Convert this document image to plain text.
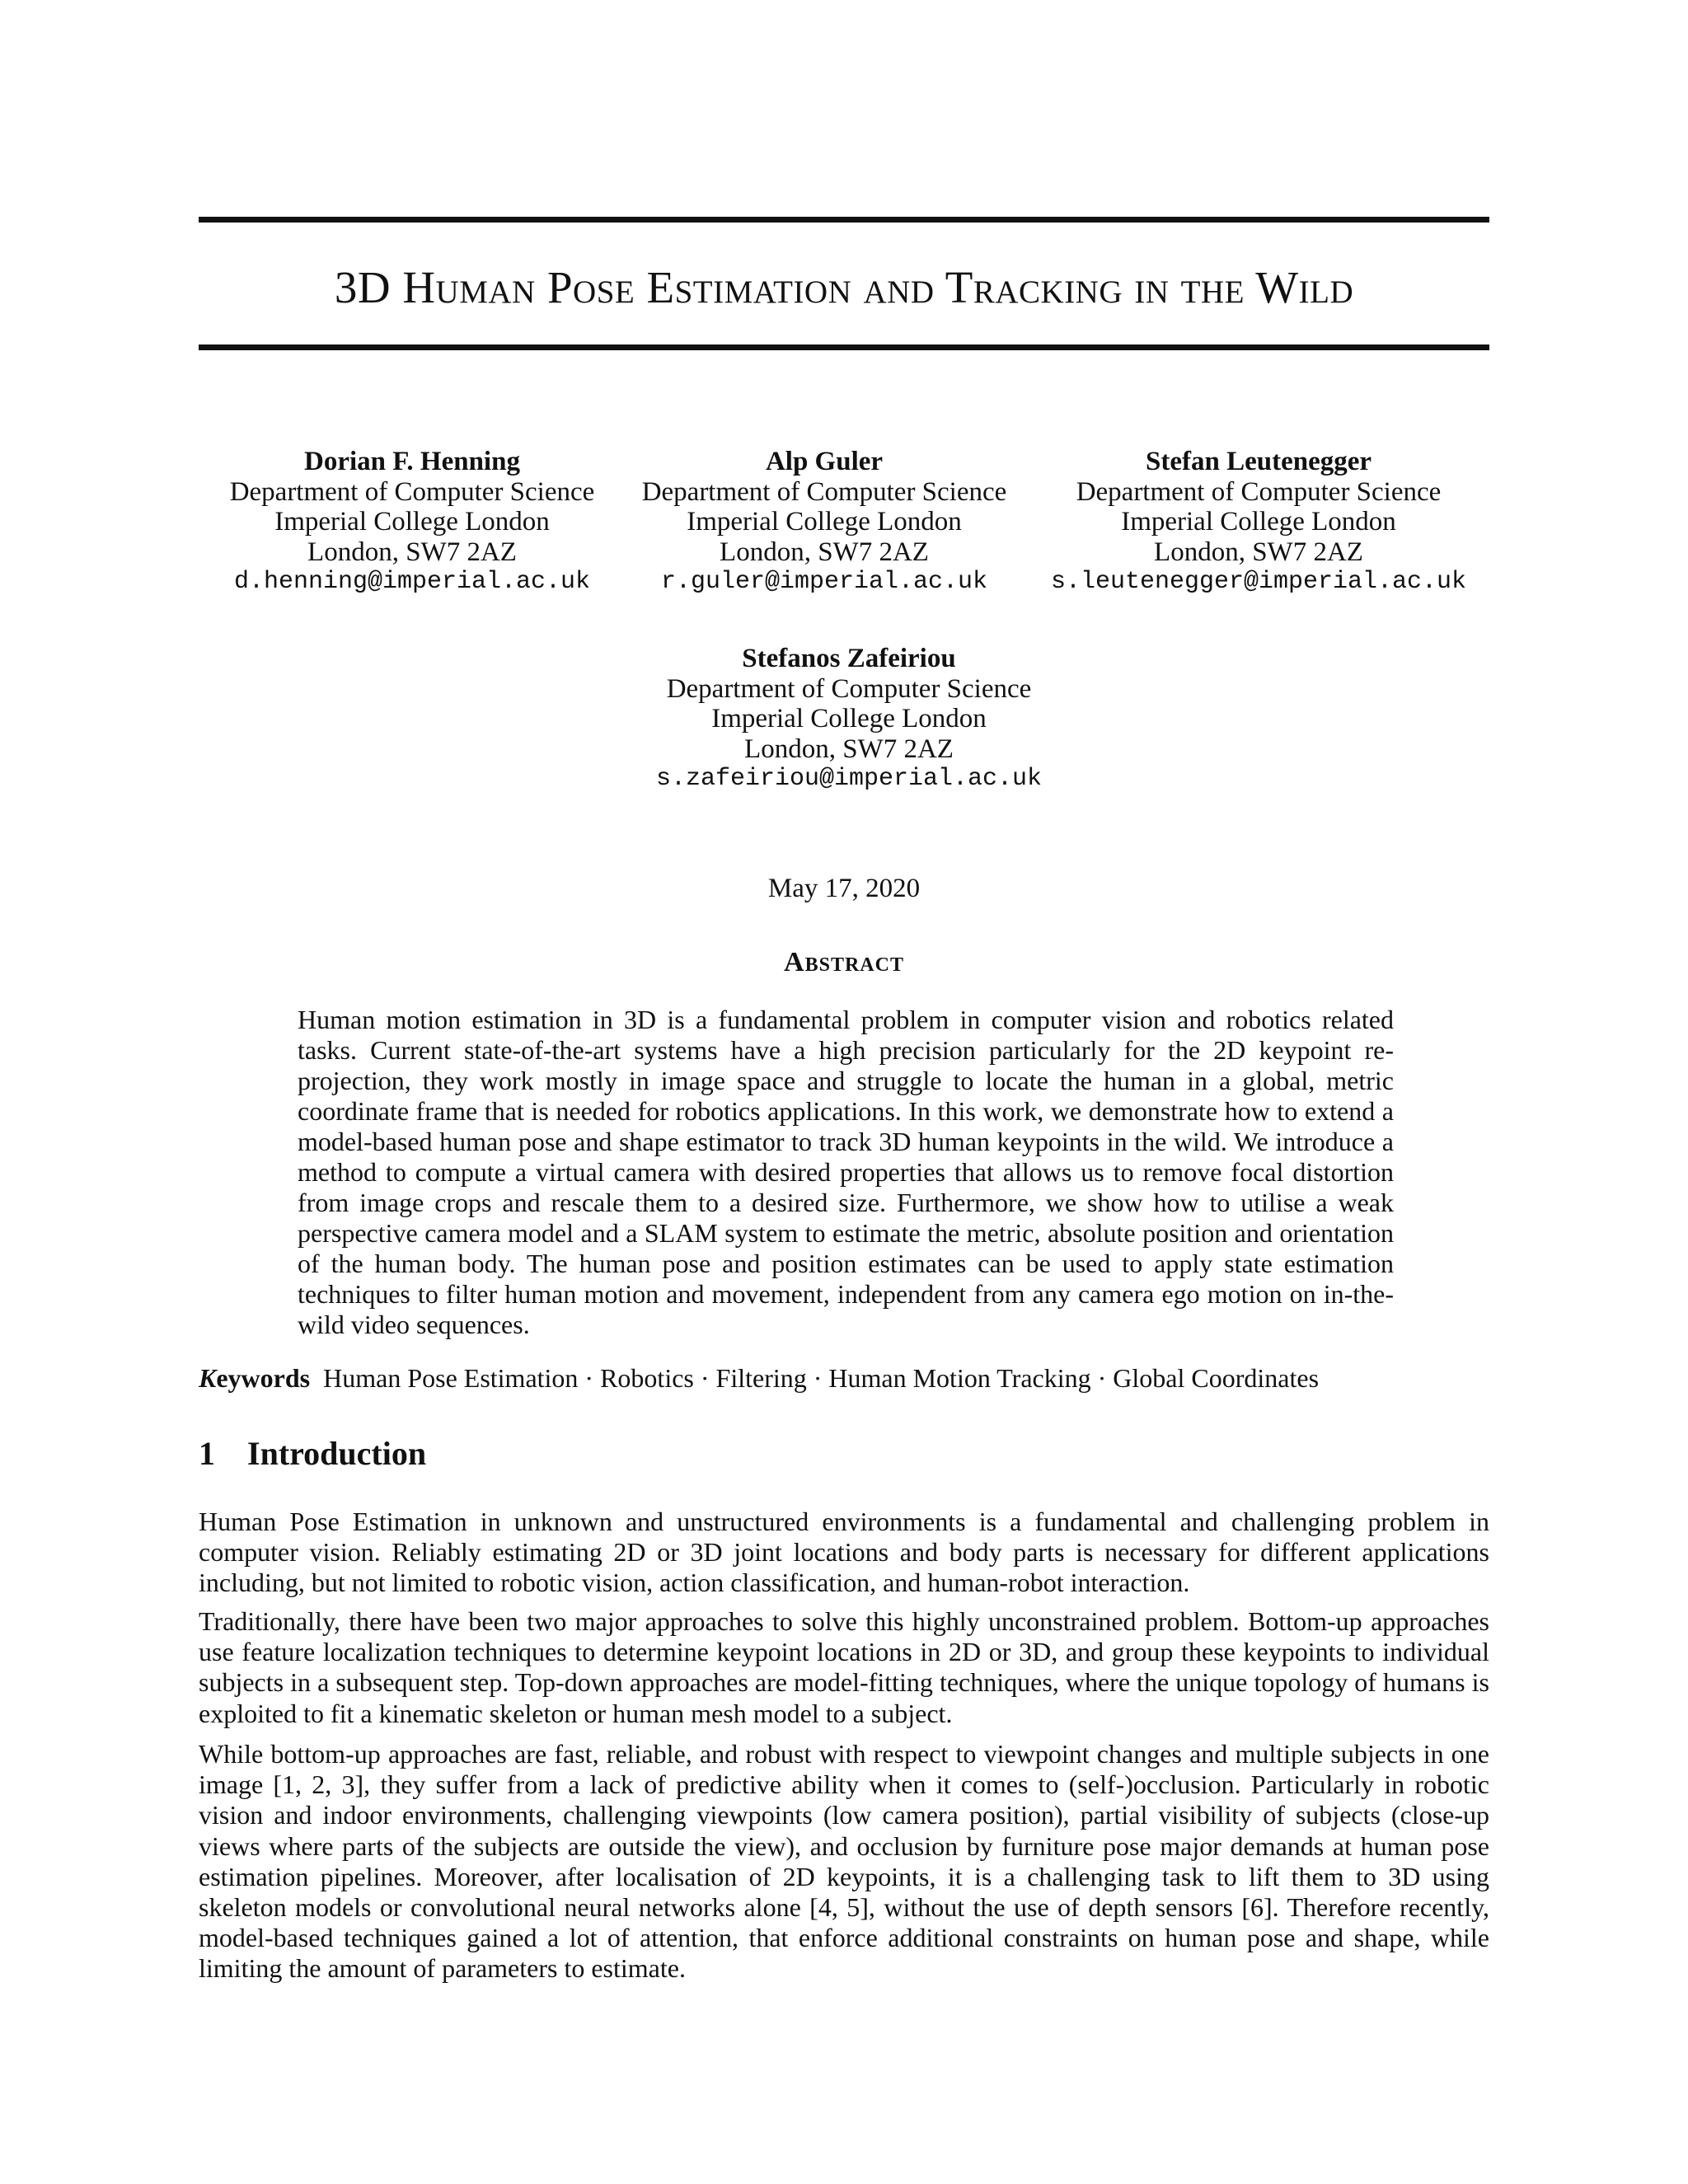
3D Human Pose Estimation and Tracking in the Wild
Dorian F. Henning
Department of Computer Science
Imperial College London
London, SW7 2AZ
d.henning@imperial.ac.uk
Alp Guler
Department of Computer Science
Imperial College London
London, SW7 2AZ
r.guler@imperial.ac.uk
Stefan Leutenegger
Department of Computer Science
Imperial College London
London, SW7 2AZ
s.leutenegger@imperial.ac.uk
Stefanos Zafeiriou
Department of Computer Science
Imperial College London
London, SW7 2AZ
s.zafeiriou@imperial.ac.uk
May 17, 2020
Abstract

Human motion estimation in 3D is a fundamental problem in computer vision and robotics related tasks. Current state-of-the-art systems have a high precision particularly for the 2D keypoint re-projection, they work mostly in image space and struggle to locate the human in a global, metric coordinate frame that is needed for robotics applications. In this work, we demonstrate how to extend a model-based human pose and shape estimator to track 3D human keypoints in the wild. We introduce a method to compute a virtual camera with desired properties that allows us to remove focal distortion from image crops and rescale them to a desired size. Furthermore, we show how to utilise a weak perspective camera model and a SLAM system to estimate the metric, absolute position and orientation of the human body. The human pose and position estimates can be used to apply state estimation techniques to filter human motion and movement, independent from any camera ego motion on in-the-wild video sequences.

Keywords Human Pose Estimation · Robotics · Filtering · Human Motion Tracking · Global Coordinates
1 Introduction

Human Pose Estimation in unknown and unstructured environments is a fundamental and challenging problem in computer vision. Reliably estimating 2D or 3D joint locations and body parts is necessary for different applications including, but not limited to robotic vision, action classification, and human-robot interaction.

Traditionally, there have been two major approaches to solve this highly unconstrained problem. Bottom-up approaches use feature localization techniques to determine keypoint locations in 2D or 3D, and group these keypoints to individual subjects in a subsequent step. Top-down approaches are model-fitting techniques, where the unique topology of humans is exploited to fit a kinematic skeleton or human mesh model to a subject.

While bottom-up approaches are fast, reliable, and robust with respect to viewpoint changes and multiple subjects in one image [1, 2, 3], they suffer from a lack of predictive ability when it comes to (self-)occlusion. Particularly in robotic vision and indoor environments, challenging viewpoints (low camera position), partial visibility of subjects (close-up views where parts of the subjects are outside the view), and occlusion by furniture pose major demands at human pose estimation pipelines. Moreover, after localisation of 2D keypoints, it is a challenging task to lift them to 3D using skeleton models or convolutional neural networks alone [4, 5], without the use of depth sensors [6]. Therefore recently, model-based techniques gained a lot of attention, that enforce additional constraints on human pose and shape, while limiting the amount of parameters to estimate.
